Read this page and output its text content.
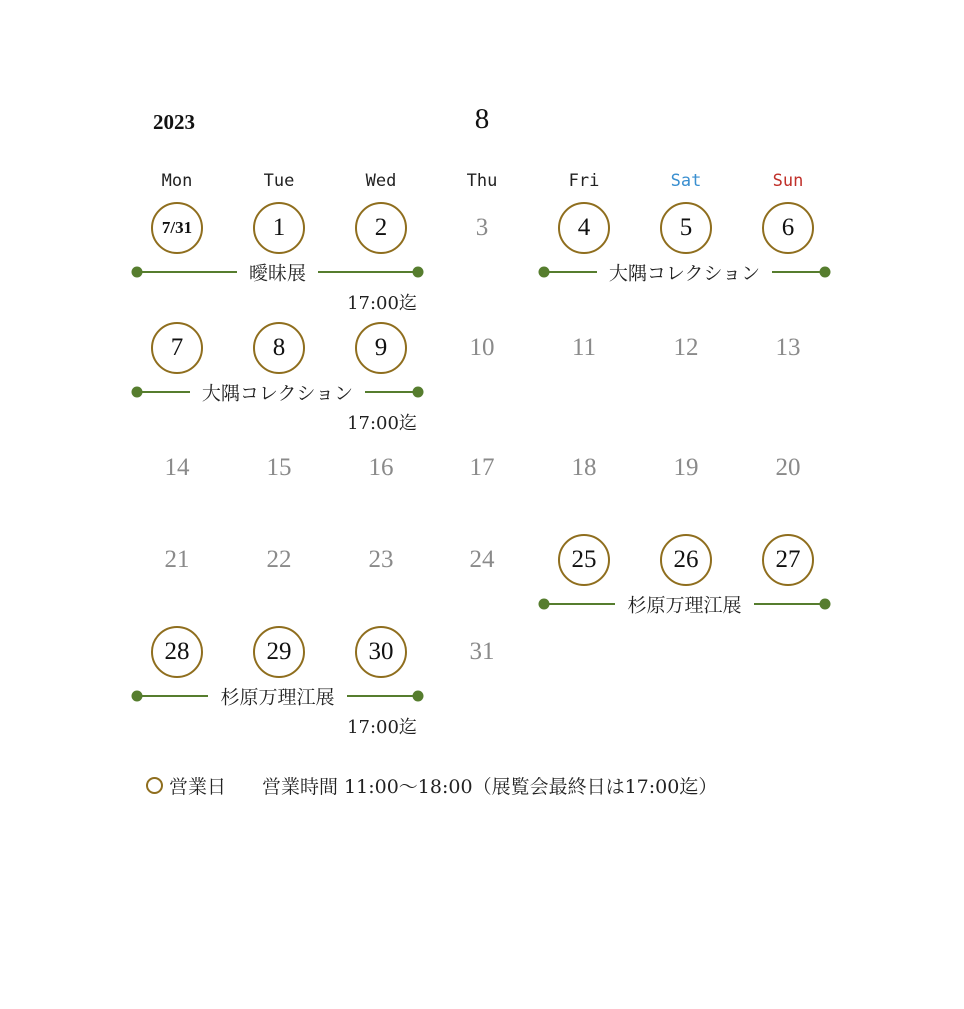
2023	8
Mon	Tue	Wed	Thu	Fri	Sat	Sun
7/31	1	2	3	4	5	6
7	8	9	10	11	12	13
14	15	16	17	18	19	20
21	22	23	24	25	26	27
28	29	30	31
曖昧展
17:00迄
大隅コレクション
大隅コレクション
17:00迄
杉原万理江展
杉原万理江展
17:00迄
営業日 営業時間 11:00～18:00（展覧会最終日は17:00迄）
